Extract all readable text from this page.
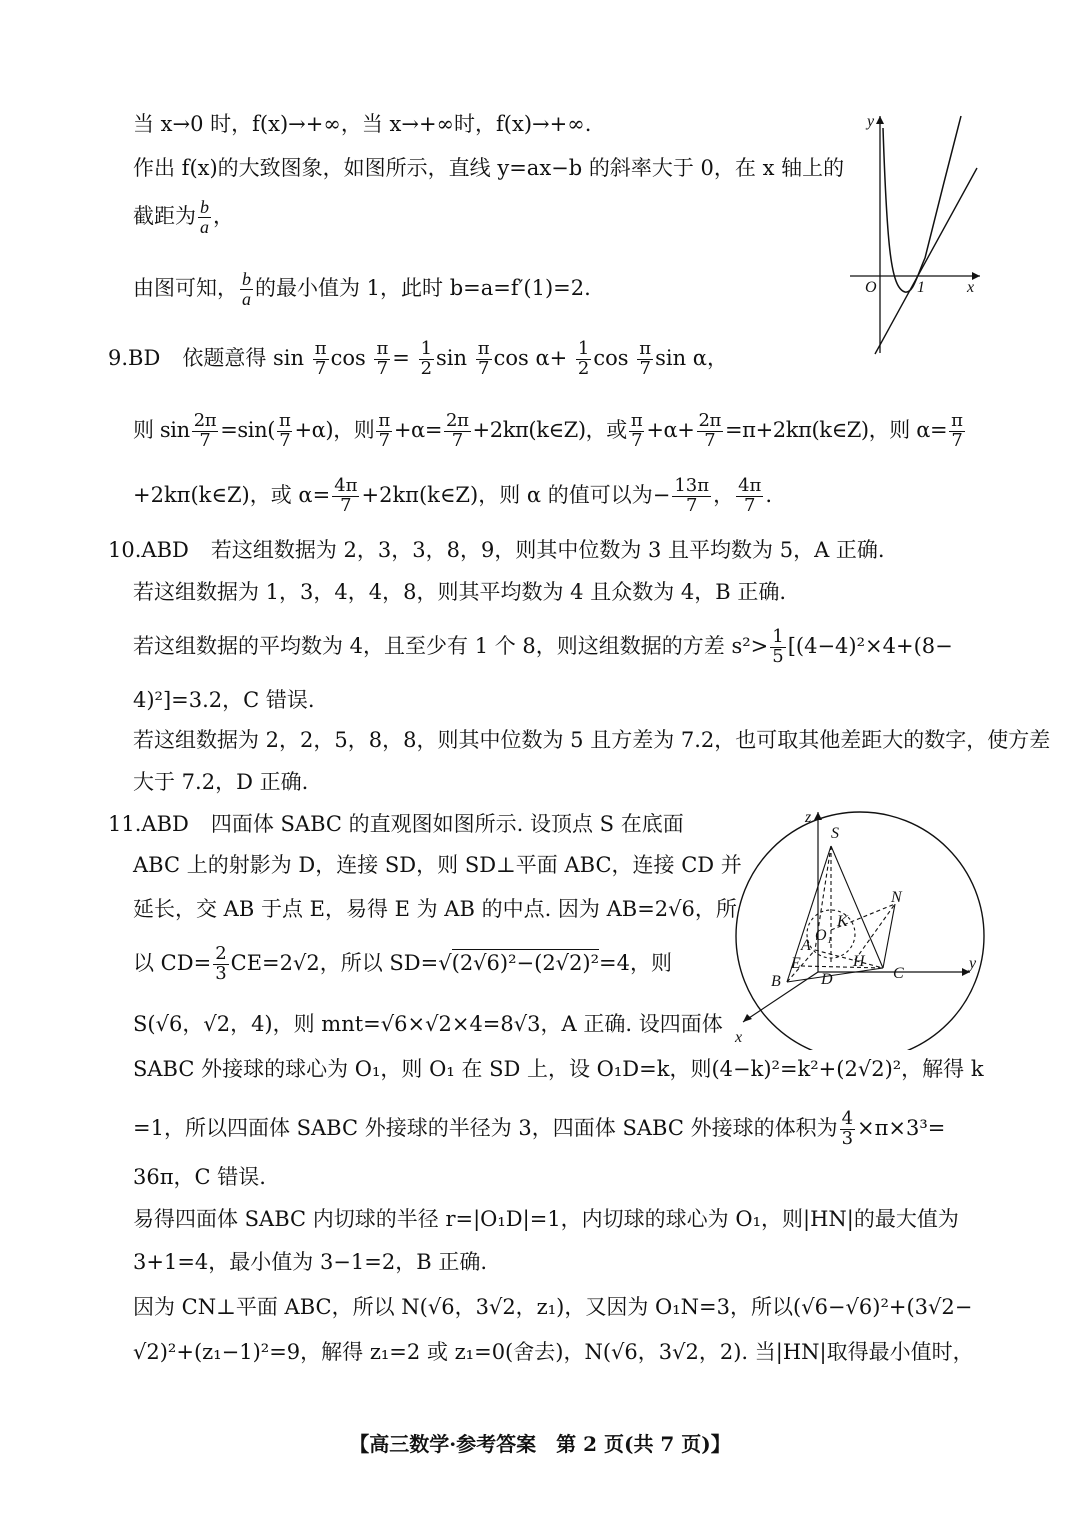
当 x→0 时，f(x)→+∞，当 x→+∞时，f(x)→+∞.
作出 f(x)的大致图象，如图所示，直线 y=ax−b 的斜率大于 0，在 x 轴上的
截距为 $\frac{b}{a}$ ，
由图可知， $\frac{b}{a}$ 的最小值为 1，此时 b=a=f′(1)=2.
y
x
O	1
9.BD 依题意得 $\sin \frac{\pi}{7}$ $\cos \frac{\pi}{7} = \frac{1}{2}$ $\sin \frac{\pi}{7}$ $\cos \alpha+ \frac{1}{2}$ $\cos \frac{\pi}{7}$ sin α，
则 $\sin \frac{2\pi}{7} =\sin( \frac{\pi}{7} +\alpha)$，则 $\frac{\pi}{7} +\alpha= \frac{2\pi}{7}$ +2kπ(k∈Z)，或 $\frac{\pi}{7} +\alpha+ \frac{2\pi}{7}$ =π+2kπ(k∈Z)，则 $\alpha= \frac{\pi}{7}$
+2kπ(k∈Z)，或 $\alpha= \frac{4\pi}{7}$ +2kπ(k∈Z)，则 α 的值可以为− $\frac{13\pi}{7}$ ， $\frac{4\pi}{7}$ .
10.ABD 若这组数据为 2，3，3，8，9，则其中位数为 3 且平均数为 5，A 正确.
若这组数据为 1，3，4，4，8，则其平均数为 4 且众数为 4，B 正确.
若这组数据的平均数为 4，且至少有 1 个 8，则这组数据的方差 $s^2> \frac{1}{5} [(4-4)^2\times 4+(8-$
4)²]=3.2，C 错误.
若这组数据为 2，2，5，8，8，则其中位数为 5 且方差为 7.2，也可取其他差距大的数字，使方差
大于 7.2，D 正确.
11.ABD 四面体 SABC 的直观图如图所示. 设顶点 S 在底面
ABC 上的射影为 D，连接 SD，则 SD⊥平面 ABC，连接 CD 并
延长，交 AB 于点 E，易得 E 为 AB 的中点. 因为 AB=2√6，所
以 $CD= \frac{2}{3} CE=2√2$，所以 SD=√(2√6)²−(2√2)²=4，则
S(√6，√2，4)，则 mnt=√6×√2×4=8√3，A 正确. 设四面体
SABC 外接球的球心为 O₁，则 O₁ 在 SD 上，设 O₁D=k，则(4−k)²=k²+(2√2)²，解得 k
=1，所以四面体 SABC 外接球的半径为 3，四面体 SABC 外接球的体积为 $\frac{4}{3} \times\pi\times 3^3=$
36π，C 错误.
易得四面体 SABC 内切球的半径 r=|O₁D|=1，内切球的球心为 O₁，则|HN|的最大值为
3+1=4，最小值为 3−1=2，B 正确.
因为 CN⊥平面 ABC，所以 N(√6，3√2，z₁)，又因为 O₁N=3，所以(√6−√6)²+(3√2−
√2)²+(z₁−1)²=9，解得 z₁=2 或 z₁=0(舍去)，N(√6，3√2，2). 当|HN|取得最小值时，
z
S
N
K
O₁
A
E	H
C
B	D
y
x
【高三数学·参考答案　第 2 页(共 7 页)】
